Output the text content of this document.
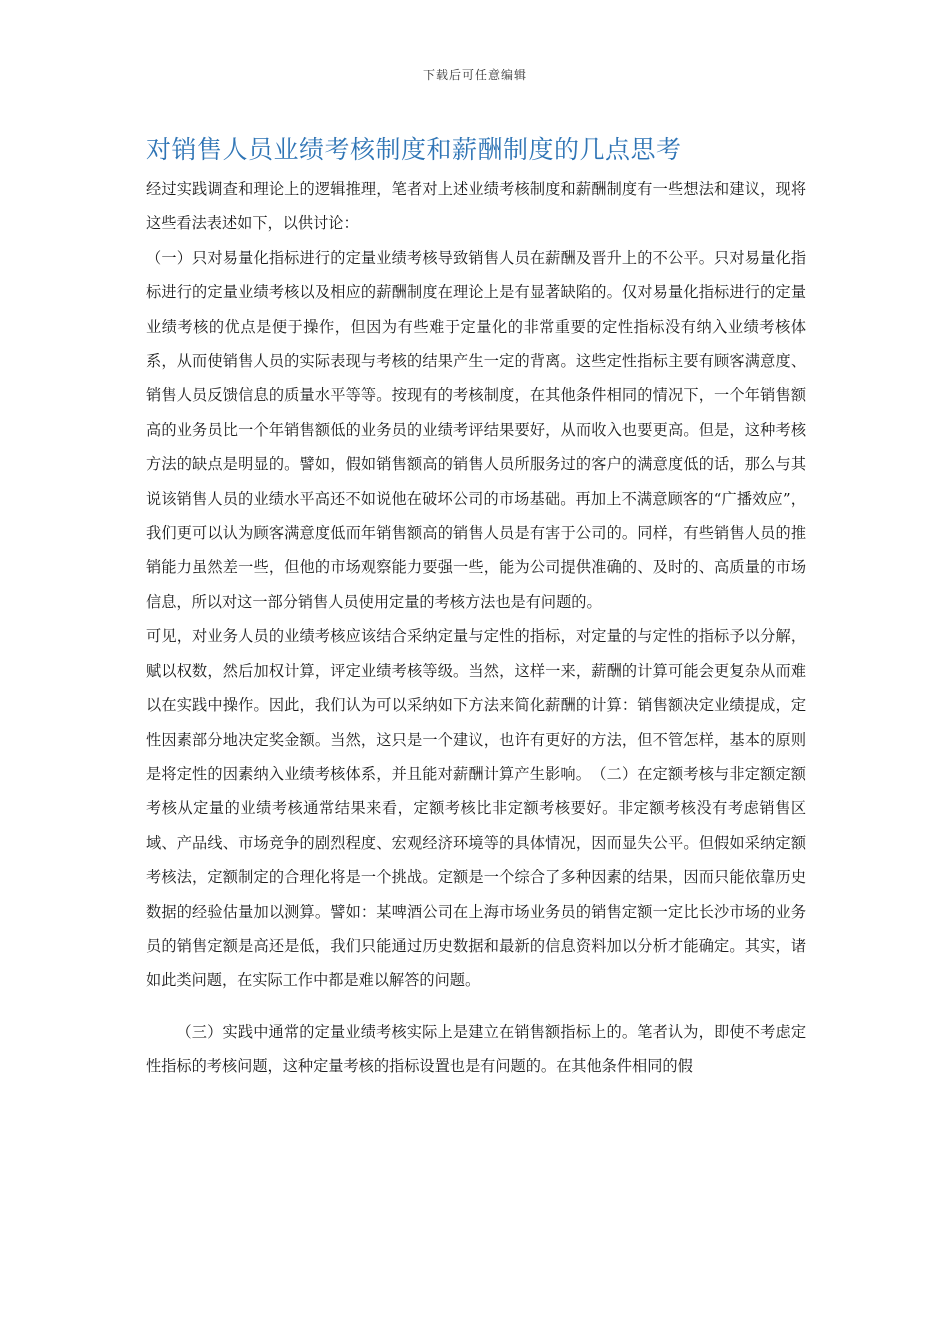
下载后可任意编辑
对销售人员业绩考核制度和薪酬制度的几点思考

经过实践调查和理论上的逻辑推理，笔者对上述业绩考核制度和薪酬制度有一些想法和建议，现将这些看法表述如下，以供讨论：

（一）只对易量化指标进行的定量业绩考核导致销售人员在薪酬及晋升上的不公平。只对易量化指标进行的定量业绩考核以及相应的薪酬制度在理论上是有显著缺陷的。仅对易量化指标进行的定量业绩考核的优点是便于操作，但因为有些难于定量化的非常重要的定性指标没有纳入业绩考核体系，从而使销售人员的实际表现与考核的结果产生一定的背离。这些定性指标主要有顾客满意度、销售人员反馈信息的质量水平等等。按现有的考核制度，在其他条件相同的情况下，一个年销售额高的业务员比一个年销售额低的业务员的业绩考评结果要好，从而收入也要更高。但是，这种考核方法的缺点是明显的。譬如，假如销售额高的销售人员所服务过的客户的满意度低的话，那么与其说该销售人员的业绩水平高还不如说他在破坏公司的市场基础。再加上不满意顾客的“广播效应”，我们更可以认为顾客满意度低而年销售额高的销售人员是有害于公司的。同样，有些销售人员的推销能力虽然差一些，但他的市场观察能力要强一些，能为公司提供准确的、及时的、高质量的市场信息，所以对这一部分销售人员使用定量的考核方法也是有问题的。

可见，对业务人员的业绩考核应该结合采纳定量与定性的指标，对定量的与定性的指标予以分解，赋以权数，然后加权计算，评定业绩考核等级。当然，这样一来，薪酬的计算可能会更复杂从而难以在实践中操作。因此，我们认为可以采纳如下方法来简化薪酬的计算：销售额决定业绩提成，定性因素部分地决定奖金额。当然，这只是一个建议，也许有更好的方法，但不管怎样，基本的原则是将定性的因素纳入业绩考核体系，并且能对薪酬计算产生影响。　（二）在定额考核与非定额定额考核从定量的业绩考核通常结果来看，定额考核比非定额考核要好。非定额考核没有考虑销售区域、产品线、市场竞争的剧烈程度、宏观经济环境等的具体情况，因而显失公平。但假如采纳定额考核法，定额制定的合理化将是一个挑战。定额是一个综合了多种因素的结果，因而只能依靠历史数据的经验估量加以测算。譬如：某啤酒公司在上海市场业务员的销售定额一定比长沙市场的业务员的销售定额是高还是低，我们只能通过历史数据和最新的信息资料加以分析才能确定。其实，诸如此类问题，在实际工作中都是难以解答的问题。

（三）实践中通常的定量业绩考核实际上是建立在销售额指标上的。笔者认为，即使不考虑定性指标的考核问题，这种定量考核的指标设置也是有问题的。在其他条件相同的假
